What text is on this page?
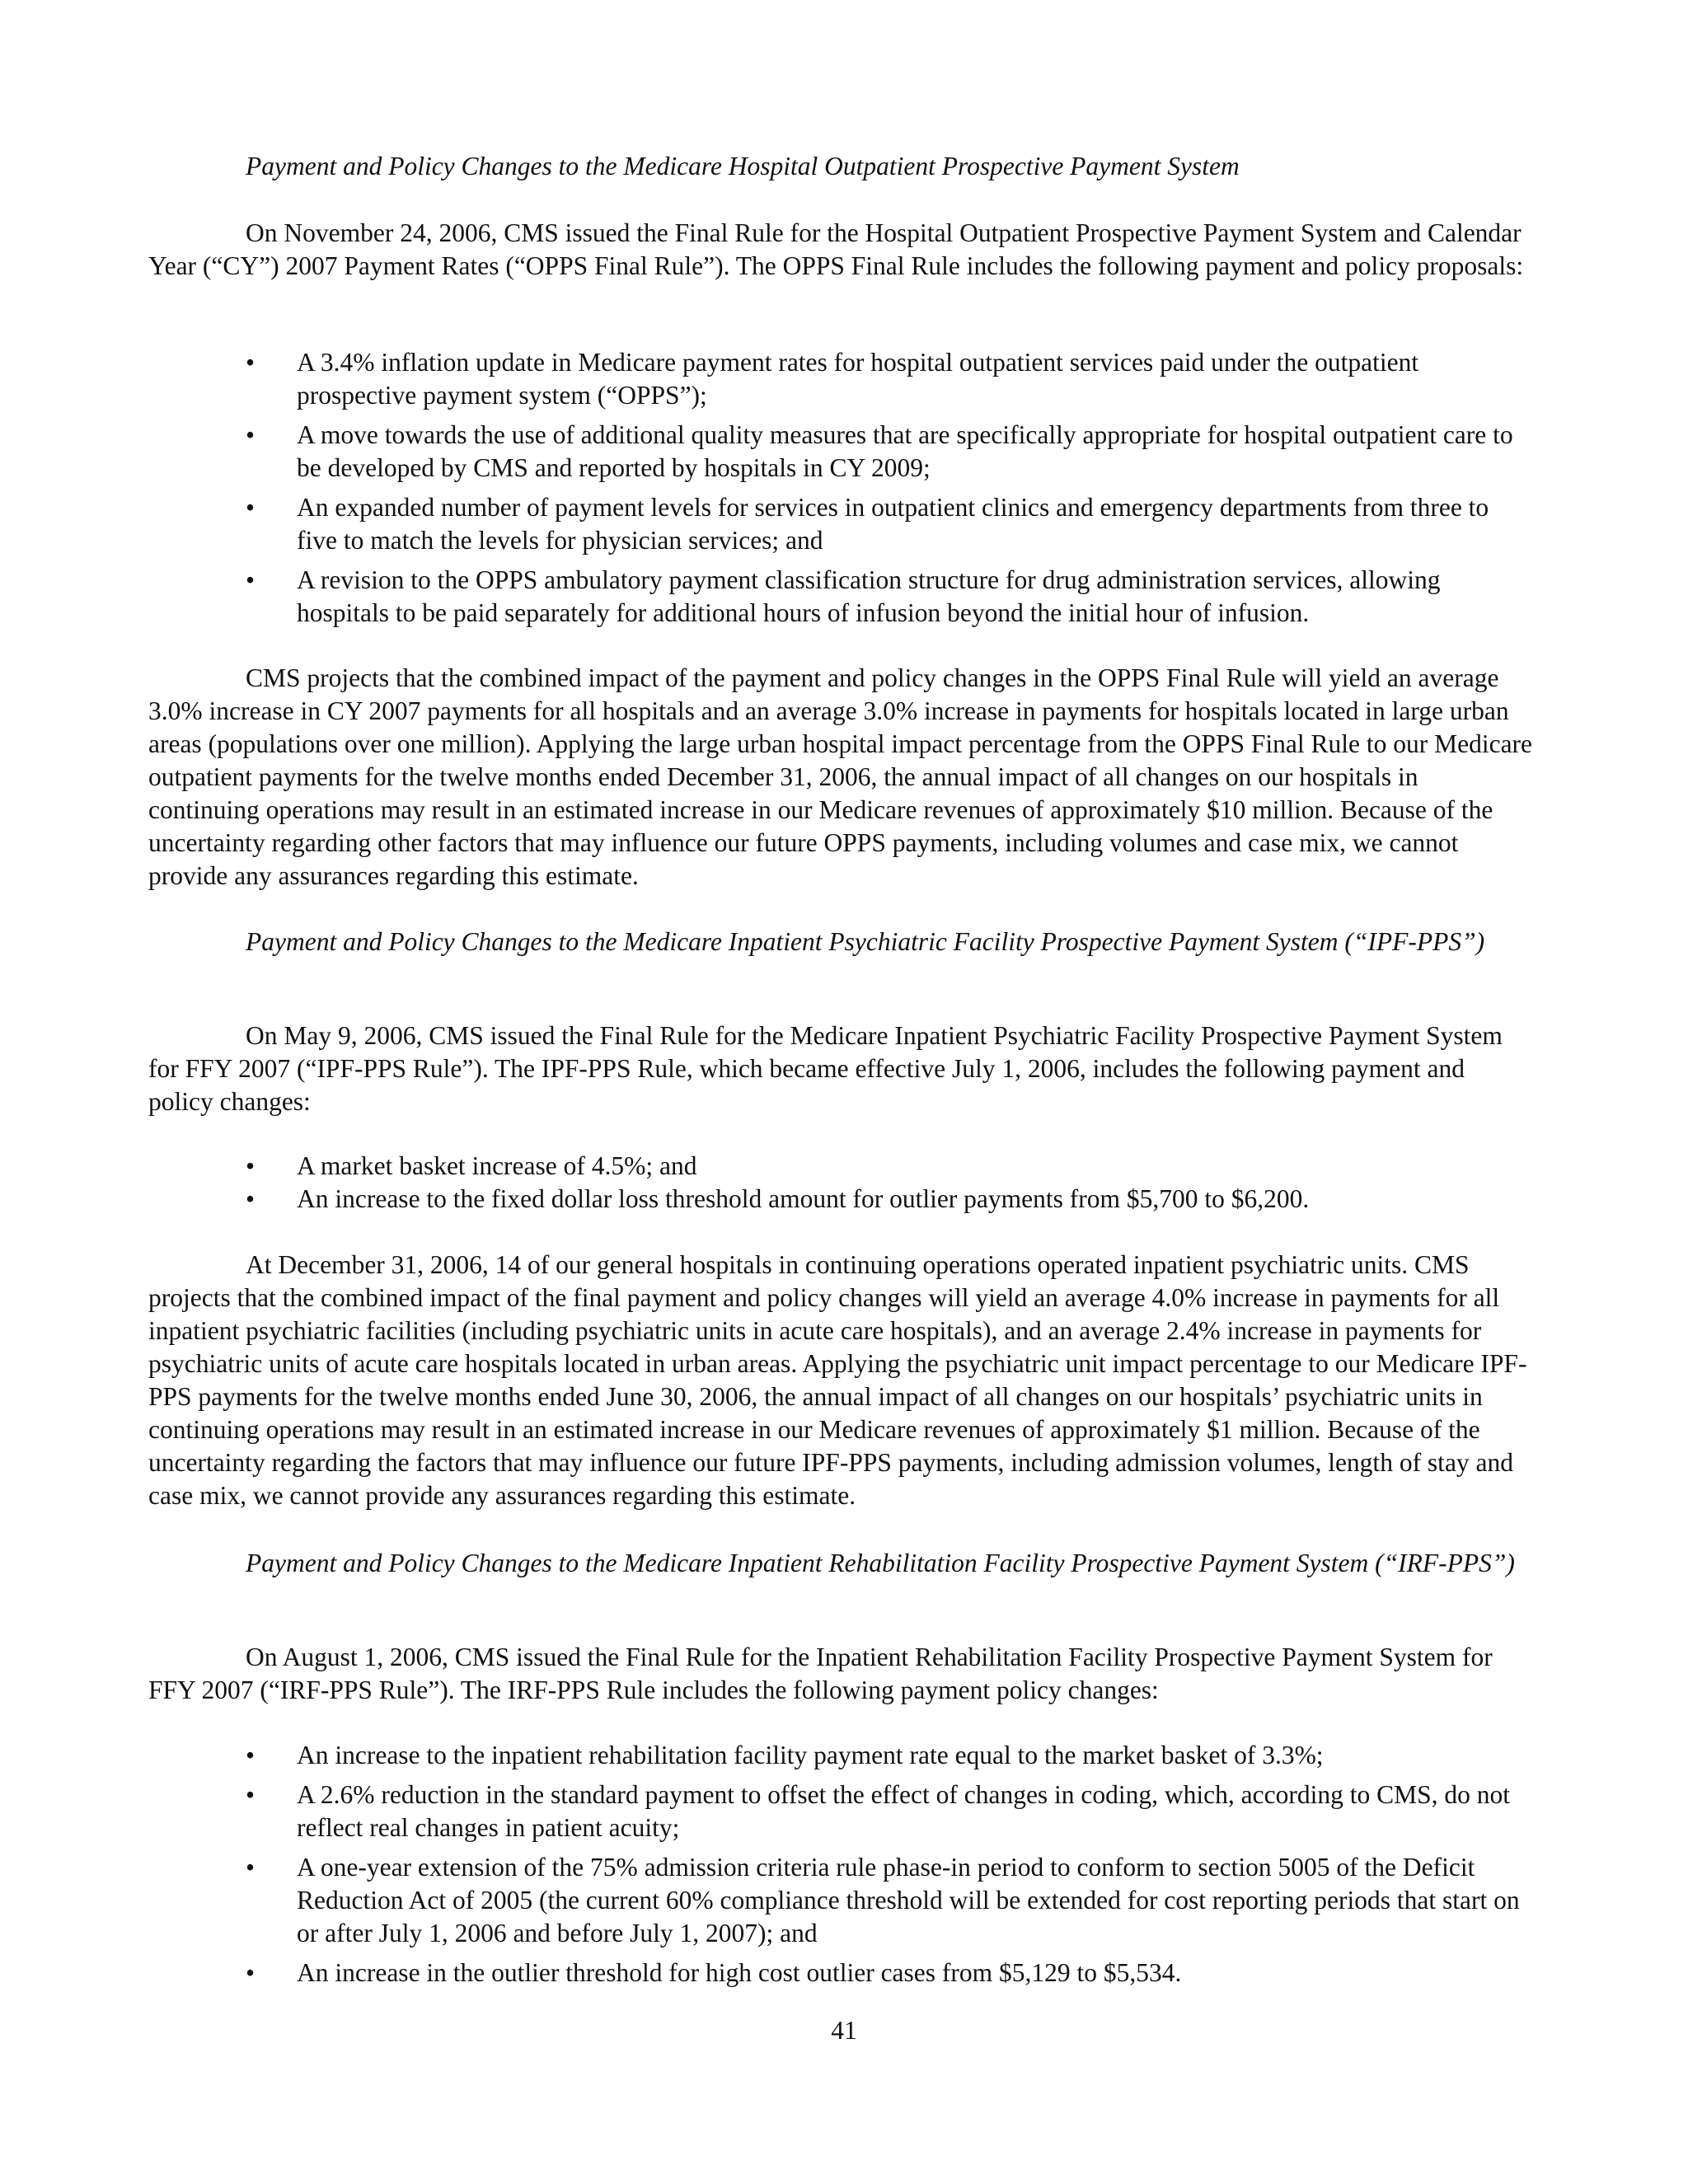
Payment and Policy Changes to the Medicare Hospital Outpatient Prospective Payment System
On November 24, 2006, CMS issued the Final Rule for the Hospital Outpatient Prospective Payment System and Calendar Year (“CY”) 2007 Payment Rates (“OPPS Final Rule”). The OPPS Final Rule includes the following payment and policy proposals:
• A 3.4% inflation update in Medicare payment rates for hospital outpatient services paid under the outpatient prospective payment system (“OPPS”);
• A move towards the use of additional quality measures that are specifically appropriate for hospital outpatient care to be developed by CMS and reported by hospitals in CY 2009;
• An expanded number of payment levels for services in outpatient clinics and emergency departments from three to five to match the levels for physician services; and
• A revision to the OPPS ambulatory payment classification structure for drug administration services, allowing hospitals to be paid separately for additional hours of infusion beyond the initial hour of infusion.
CMS projects that the combined impact of the payment and policy changes in the OPPS Final Rule will yield an average 3.0% increase in CY 2007 payments for all hospitals and an average 3.0% increase in payments for hospitals located in large urban areas (populations over one million). Applying the large urban hospital impact percentage from the OPPS Final Rule to our Medicare outpatient payments for the twelve months ended December 31, 2006, the annual impact of all changes on our hospitals in continuing operations may result in an estimated increase in our Medicare revenues of approximately $10 million. Because of the uncertainty regarding other factors that may influence our future OPPS payments, including volumes and case mix, we cannot provide any assurances regarding this estimate.
Payment and Policy Changes to the Medicare Inpatient Psychiatric Facility Prospective Payment System (“IPF-PPS”)
On May 9, 2006, CMS issued the Final Rule for the Medicare Inpatient Psychiatric Facility Prospective Payment System for FFY 2007 (“IPF-PPS Rule”). The IPF-PPS Rule, which became effective July 1, 2006, includes the following payment and policy changes:
• A market basket increase of 4.5%; and
• An increase to the fixed dollar loss threshold amount for outlier payments from $5,700 to $6,200.
At December 31, 2006, 14 of our general hospitals in continuing operations operated inpatient psychiatric units. CMS projects that the combined impact of the final payment and policy changes will yield an average 4.0% increase in payments for all inpatient psychiatric facilities (including psychiatric units in acute care hospitals), and an average 2.4% increase in payments for psychiatric units of acute care hospitals located in urban areas. Applying the psychiatric unit impact percentage to our Medicare IPF-PPS payments for the twelve months ended June 30, 2006, the annual impact of all changes on our hospitals’ psychiatric units in continuing operations may result in an estimated increase in our Medicare revenues of approximately $1 million. Because of the uncertainty regarding the factors that may influence our future IPF-PPS payments, including admission volumes, length of stay and case mix, we cannot provide any assurances regarding this estimate.
Payment and Policy Changes to the Medicare Inpatient Rehabilitation Facility Prospective Payment System (“IRF-PPS”)
On August 1, 2006, CMS issued the Final Rule for the Inpatient Rehabilitation Facility Prospective Payment System for FFY 2007 (“IRF-PPS Rule”). The IRF-PPS Rule includes the following payment policy changes:
• An increase to the inpatient rehabilitation facility payment rate equal to the market basket of 3.3%;
• A 2.6% reduction in the standard payment to offset the effect of changes in coding, which, according to CMS, do not reflect real changes in patient acuity;
• A one-year extension of the 75% admission criteria rule phase-in period to conform to section 5005 of the Deficit Reduction Act of 2005 (the current 60% compliance threshold will be extended for cost reporting periods that start on or after July 1, 2006 and before July 1, 2007); and
• An increase in the outlier threshold for high cost outlier cases from $5,129 to $5,534.
41
